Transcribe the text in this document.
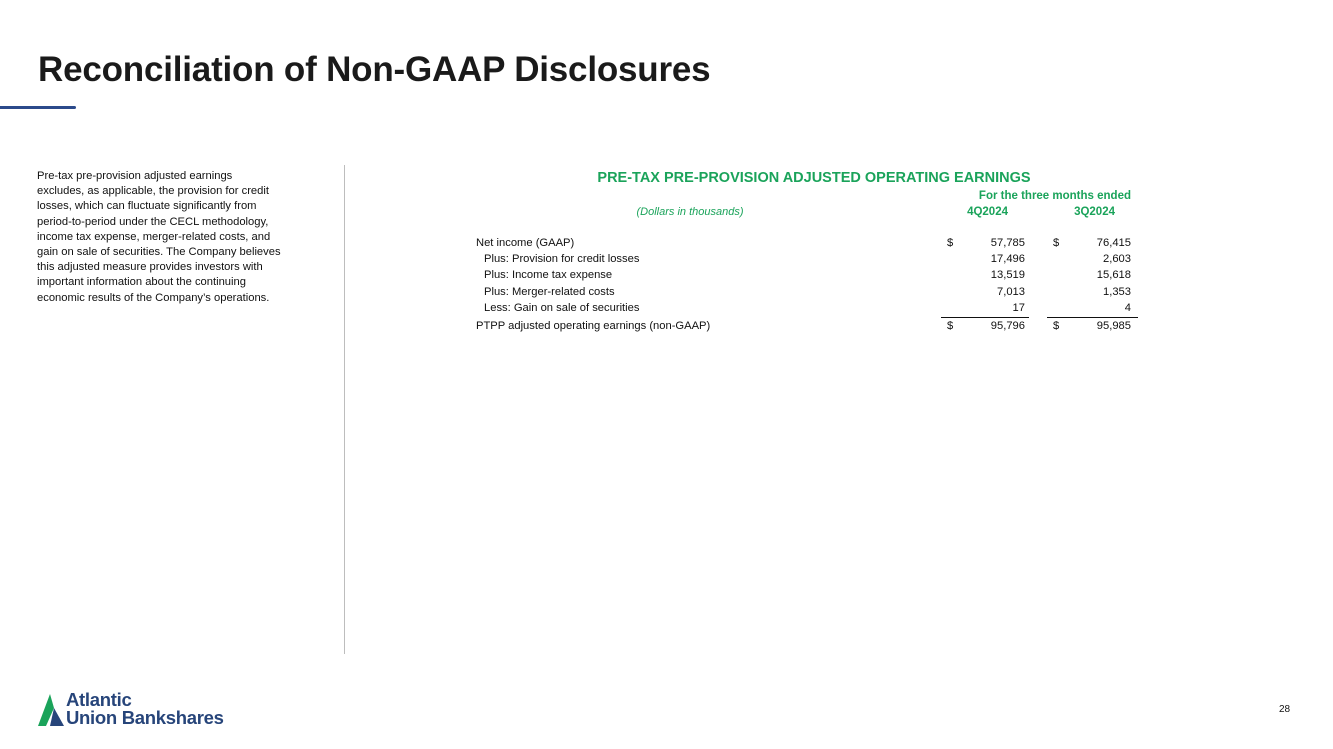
Reconciliation of Non-GAAP Disclosures
Pre-tax pre-provision adjusted earnings excludes, as applicable, the provision for credit losses, which can fluctuate significantly from period-to-period under the CECL methodology, income tax expense, merger-related costs, and gain on sale of securities. The Company believes this adjusted measure provides investors with important information about the continuing economic results of the Company’s operations.
PRE-TAX PRE-PROVISION ADJUSTED OPERATING EARNINGS
For the three months ended
(Dollars in thousands)	4Q2024	3Q2024
Net income (GAAP)	$	57,785	$	76,415
Plus: Provision for credit losses	17,496	2,603
Plus: Income tax expense	13,519	15,618
Plus: Merger-related costs	7,013	1,353
Less: Gain on sale of securities	17	4
PTPP adjusted operating earnings (non-GAAP)	$	95,796	$	95,985
Atlantic
Union Bankshares	28
